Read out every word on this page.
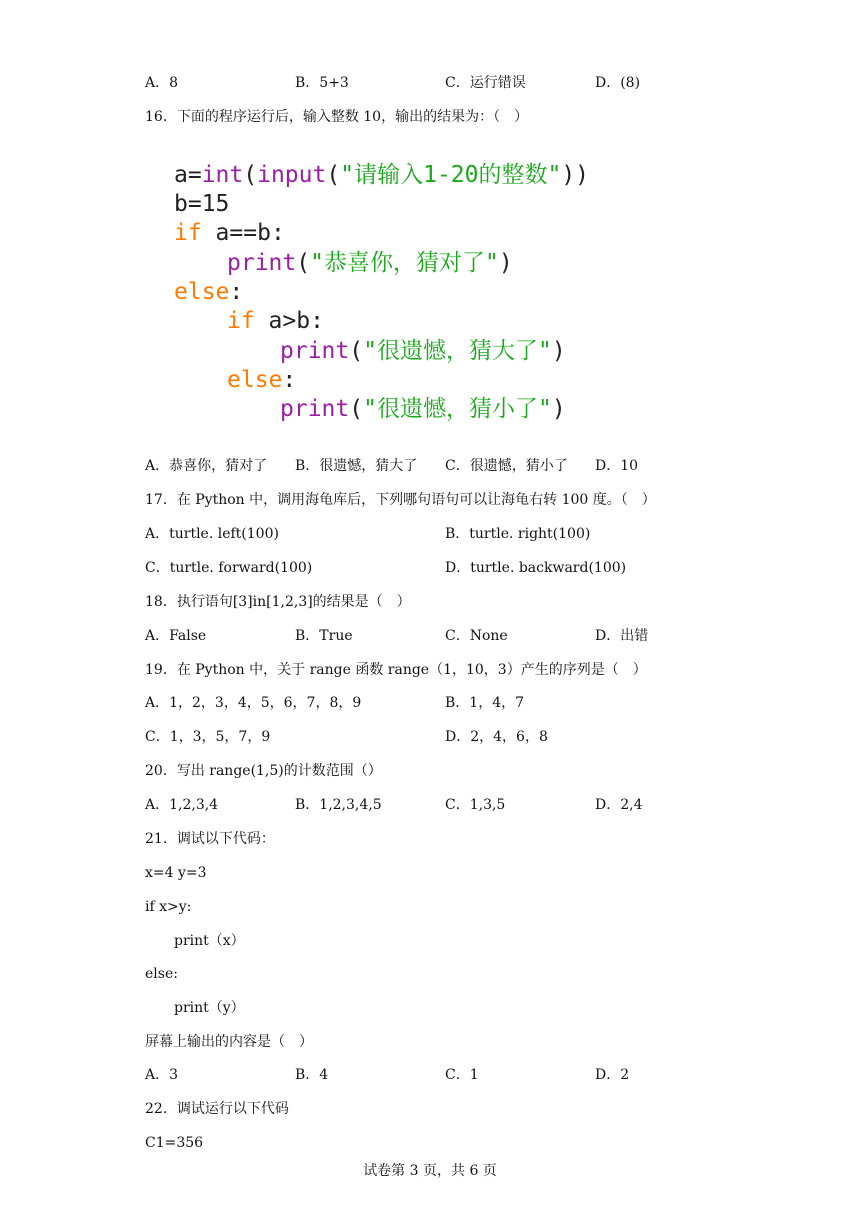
A．8	B．5+3	C．运行错误	D．(8)
16．下面的程序运行后，输入整数 10，输出的结果为：（　）
a=int(input("请输入1-20的整数"))
b=15
if a==b:
print("恭喜你，猜对了")
else:
if a>b:
print("很遗憾，猜大了")
else:
print("很遗憾，猜小了")
A．恭喜你，猜对了 B．很遗憾，猜大了 C．很遗憾，猜小了 D．10
17．在 Python 中，调用海龟库后，下列哪句语句可以让海龟右转 100 度。（　）
A．turtle. left(100)	B．turtle. right(100)
C．turtle. forward(100)	D．turtle. backward(100)
18．执行语句[3]in[1,2,3]的结果是（　）
A．False	B．True	C．None	D．出错
19．在 Python 中，关于 range 函数 range（1，10，3）产生的序列是（　）
A．1，2，3，4，5，6，7，8，9	B．1，4，7
C．1，3，5，7，9	D．2，4，6，8
20．写出 range(1,5)的计数范围（）
A．1,2,3,4	B．1,2,3,4,5	C．1,3,5	D．2,4
21．调试以下代码：
x=4 y=3
if x>y:
print（x）
else:
print（y）
屏幕上输出的内容是（　）
A．3	B．4	C．1	D．2
22．调试运行以下代码
C1=356
试卷第 3 页，共 6 页
